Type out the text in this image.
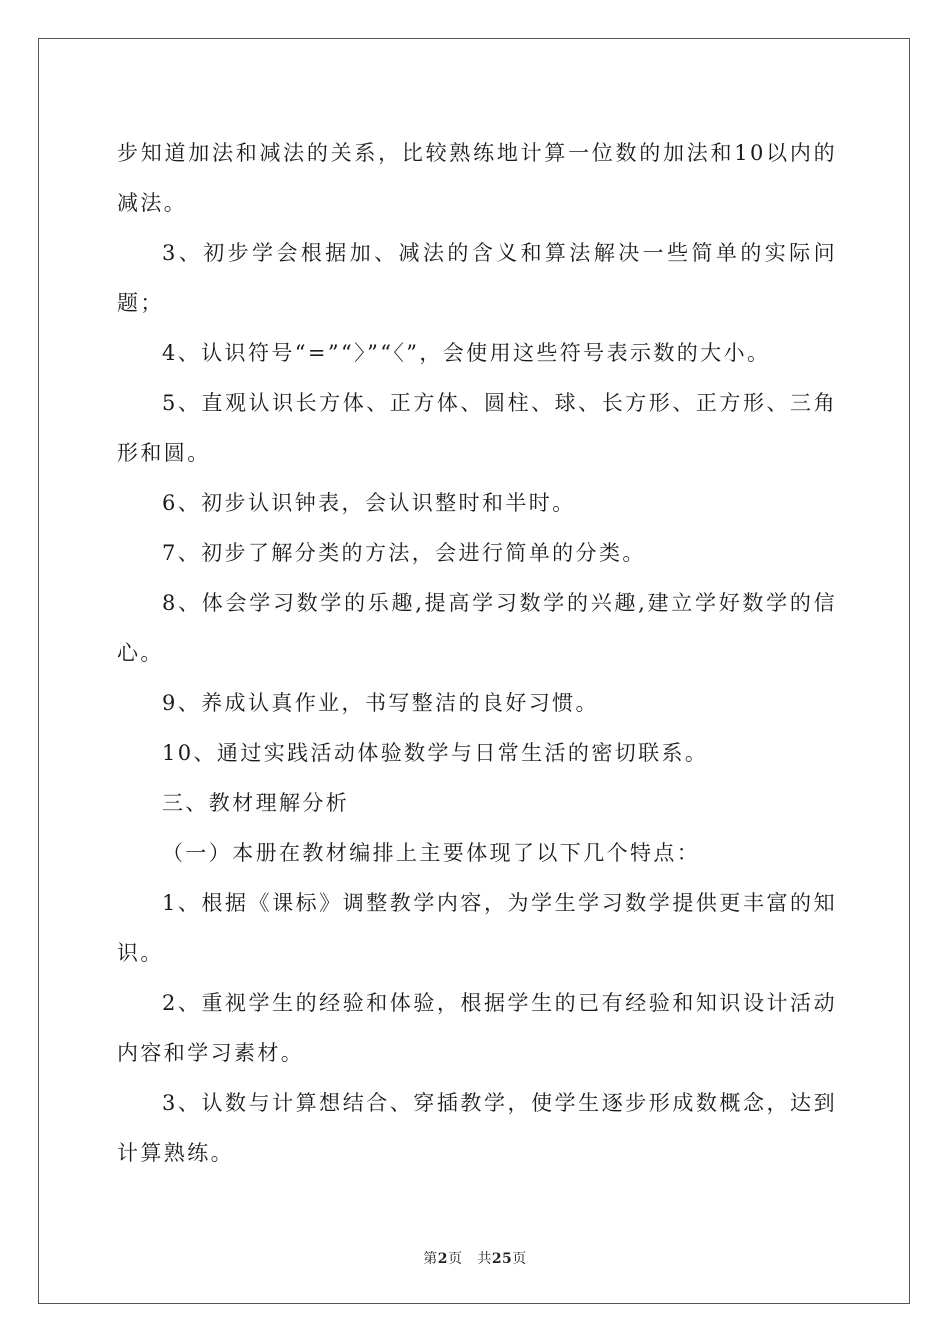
步知道加法和减法的关系，比较熟练地计算一位数的加法和10以内的减法。

3、初步学会根据加、减法的含义和算法解决一些简单的实际问题；

4、认识符号“=”“〉”“〈”，会使用这些符号表示数的大小。

5、直观认识长方体、正方体、圆柱、球、长方形、正方形、三角形和圆。

6、初步认识钟表，会认识整时和半时。

7、初步了解分类的方法，会进行简单的分类。

8、体会学习数学的乐趣,提高学习数学的兴趣,建立学好数学的信心。

9、养成认真作业，书写整洁的良好习惯。

10、通过实践活动体验数学与日常生活的密切联系。

三、教材理解分析

（一）本册在教材编排上主要体现了以下几个特点：

1、根据《课标》调整教学内容，为学生学习数学提供更丰富的知识。

2、重视学生的经验和体验，根据学生的已有经验和知识设计活动内容和学习素材。

3、认数与计算想结合、穿插教学，使学生逐步形成数概念，达到计算熟练。

第2页 共25页
